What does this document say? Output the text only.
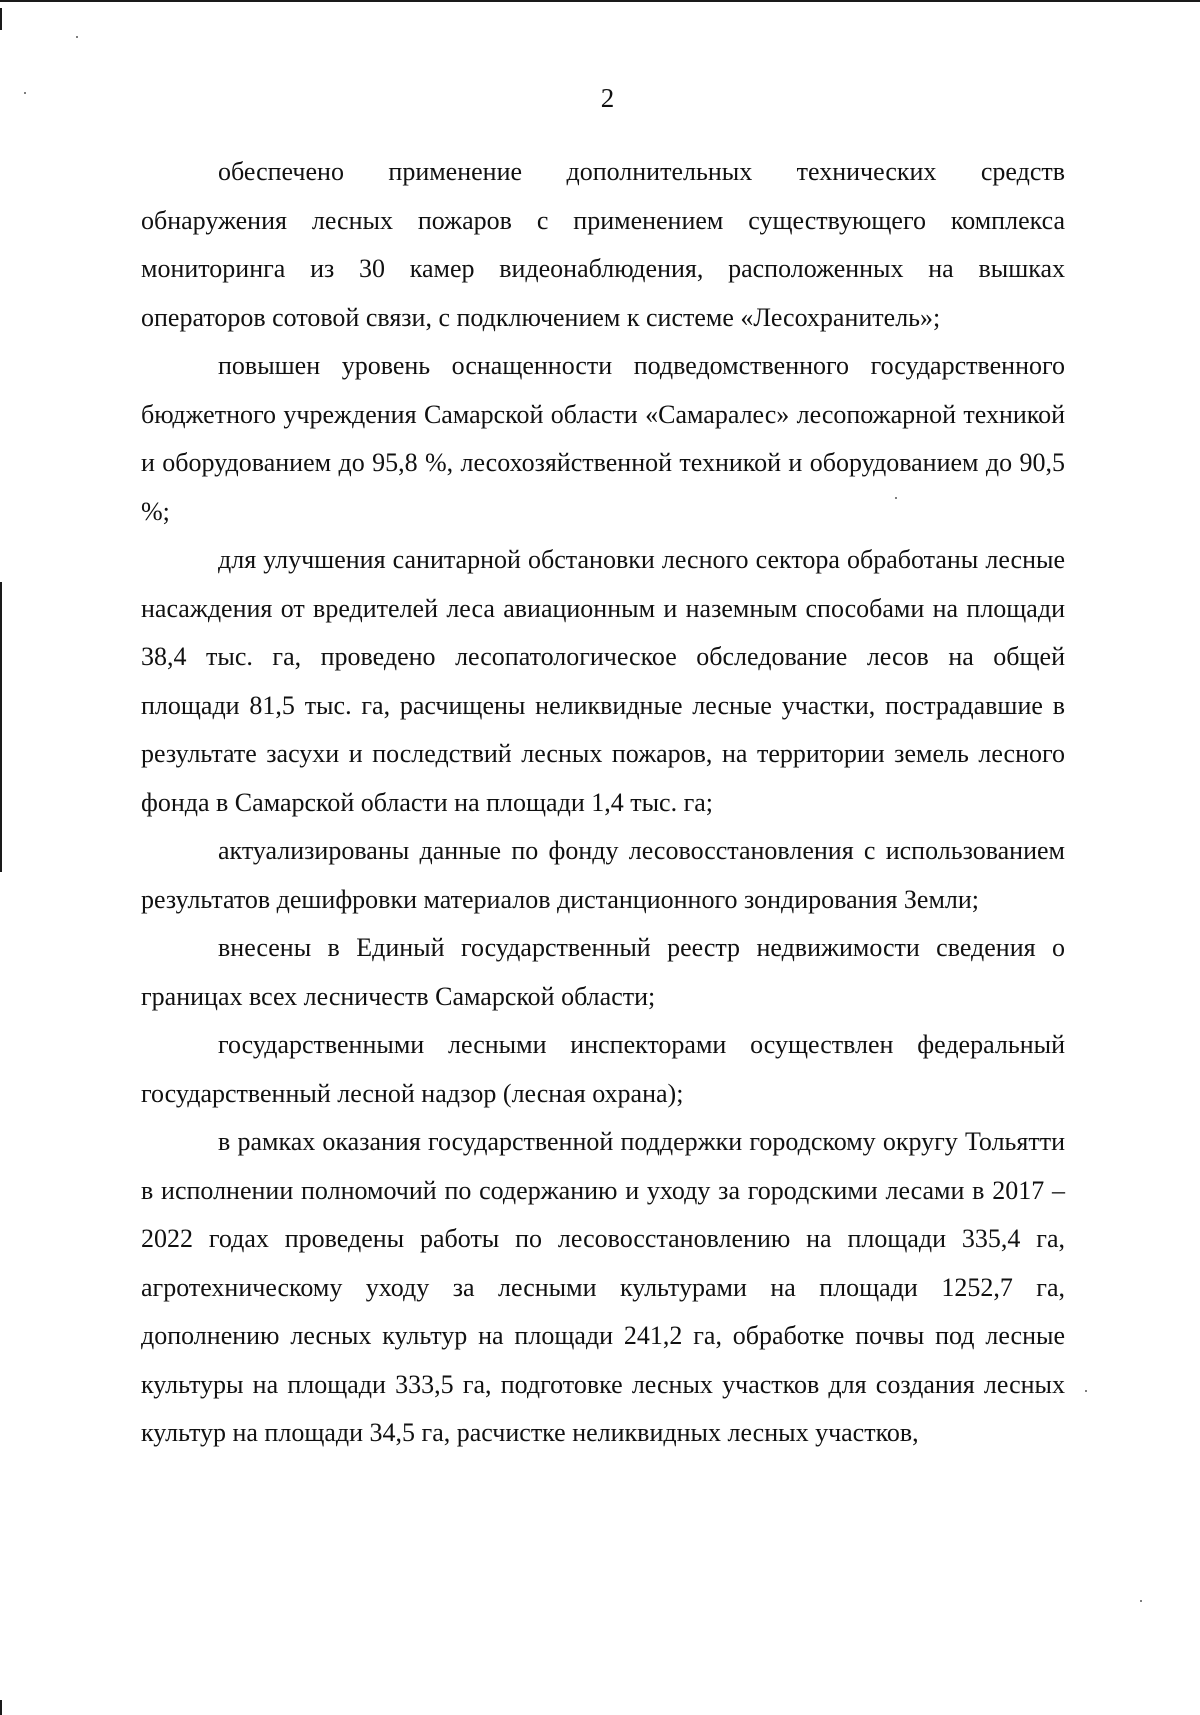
2

обеспечено применение дополнительных технических средств обнаружения лесных пожаров с применением существующего комплекса мониторинга из 30 камер видеонаблюдения, расположенных на вышках операторов сотовой связи, с подключением к системе «Лесохранитель»;

повышен уровень оснащенности подведомственного государственного бюджетного учреждения Самарской области «Самаралес» лесопожарной техникой и оборудованием до 95,8 %, лесохозяйственной техникой и оборудованием до 90,5 %;

для улучшения санитарной обстановки лесного сектора обработаны лесные насаждения от вредителей леса авиационным и наземным способами на площади 38,4 тыс. га, проведено лесопатологическое обследование лесов на общей площади 81,5 тыс. га, расчищены неликвидные лесные участки, пострадавшие в результате засухи и последствий лесных пожаров, на территории земель лесного фонда в Самарской области на площади 1,4 тыс. га;

актуализированы данные по фонду лесовосстановления с использованием результатов дешифровки материалов дистанционного зондирования Земли;

внесены в Единый государственный реестр недвижимости сведения о границах всех лесничеств Самарской области;

государственными лесными инспекторами осуществлен федеральный государственный лесной надзор (лесная охрана);

в рамках оказания государственной поддержки городскому округу Тольятти в исполнении полномочий по содержанию и уходу за городскими лесами в 2017 – 2022 годах проведены работы по лесовосстановлению на площади 335,4 га, агротехническому уходу за лесными культурами на площади 1252,7 га, дополнению лесных культур на площади 241,2 га, обработке почвы под лесные культуры на площади 333,5 га, подготовке лесных участков для создания лесных культур на площади 34,5 га, расчистке неликвидных лесных участков,
